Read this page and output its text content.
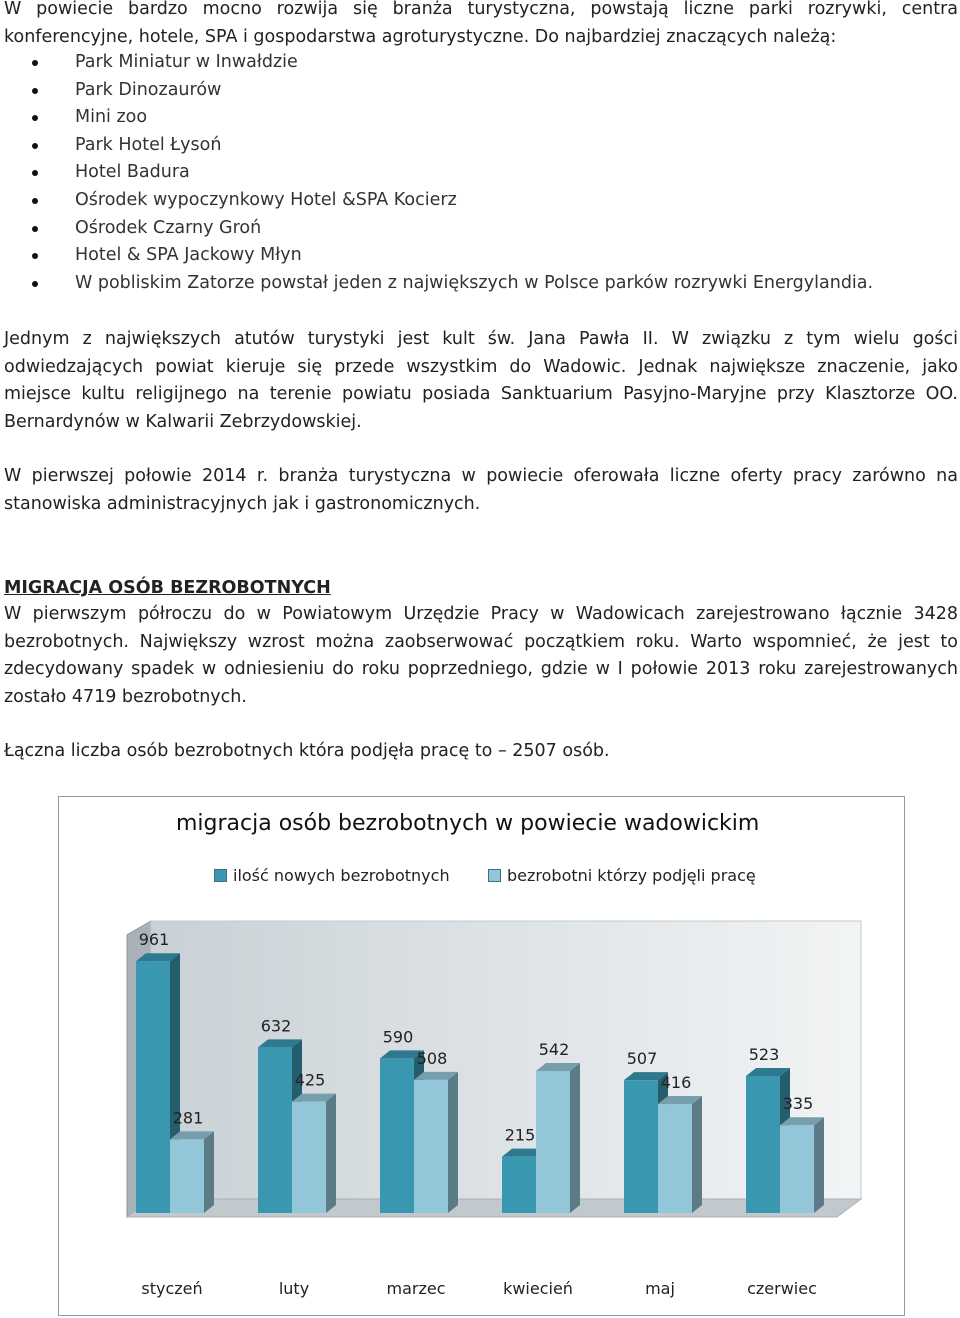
W powiecie bardzo mocno rozwija się branża turystyczna, powstają liczne parki rozrywki, centra konferencyjne, hotele, SPA i gospodarstwa agroturystyczne. Do najbardziej znaczących należą:

Park Miniatur w Inwałdzie
Park Dinozaurów
Mini zoo
Park Hotel Łysoń
Hotel Badura
Ośrodek wypoczynkowy Hotel &SPA Kocierz
Ośrodek Czarny Groń
Hotel & SPA Jackowy Młyn
W pobliskim Zatorze powstał jeden z największych w Polsce parków rozrywki Energylandia.

Jednym z największych atutów turystyki jest kult św. Jana Pawła II. W związku z tym wielu gości odwiedzających powiat kieruje się przede wszystkim do Wadowic. Jednak największe znaczenie, jako miejsce kultu religijnego na terenie powiatu posiada Sanktuarium Pasyjno-Maryjne przy Klasztorze OO. Bernardynów w Kalwarii Zebrzydowskiej.

W pierwszej połowie 2014 r. branża turystyczna w powiecie oferowała liczne oferty pracy zarówno na stanowiska administracyjnych jak i gastronomicznych.

MIGRACJA OSÓB BEZROBOTNYCH

W pierwszym półroczu do w Powiatowym Urzędzie Pracy w Wadowicach zarejestrowano łącznie 3428 bezrobotnych. Największy wzrost można zaobserwować początkiem roku. Warto wspomnieć, że jest to zdecydowany spadek w odniesieniu do roku poprzedniego, gdzie w I połowie 2013 roku zarejestrowanych zostało 4719 bezrobotnych.

Łączna liczba osób bezrobotnych która podjęła pracę to – 2507 osób.

migracja osób bezrobotnych w powiecie wadowickim
ilość nowych bezrobotnych	bezrobotni którzy podjęli pracę
961
281
styczeń
632
425
luty
590
508
marzec
215
542
kwiecień
507
416
maj
523
335
czerwiec
